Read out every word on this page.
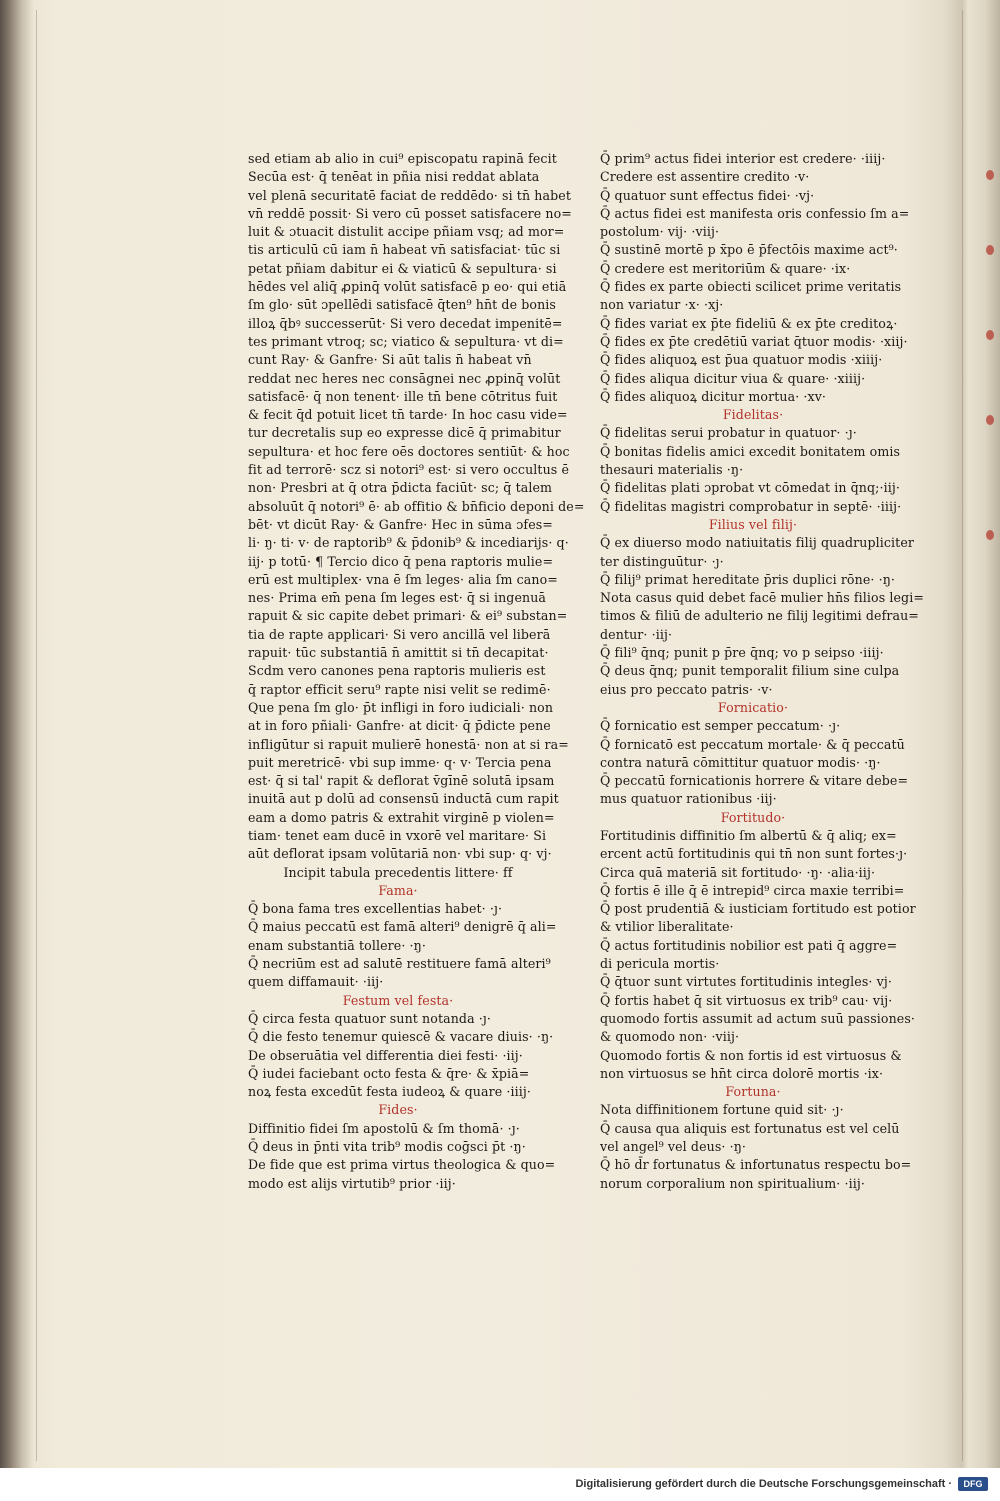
sed etiam ab alio in cui⁹ episcopatu rapinā fecit
Secūa est· q̄ tenēat in pñia nisi reddat ablata
vel plenā securitatē faciat de reddēdo· si tn̄ habet
vn̄ reddē possit· Si vero cū posset satisfacere no=
luit & ɔtuacit distulit accipe pñiam vsq; ad mor=
tis articulū cū iam n̄ habeat vn̄ satisfaciat· tūc si
petat pñiam dabitur ei & viaticū & sepultura· si
hēdes vel aliq̄ ꝓpinq̄ volūt satisfacē p eo· qui etiā
ſm glo· sūt ɔpellēdi satisfacē q̄ten⁹ hn̄t de bonis
illoꝝ q̄bꝰ successerūt· Si vero decedat impenitē=
tes primant vtroq; sc; viatico & sepultura· vt di=
cunt Ray· & Ganfre· Si aūt talis n̄ habeat vn̄
reddat nec heres nec consāgnei nec ꝓpinq̄ volūt
satisfacē· q̄ non tenent· ille tn̄ bene cōtritus fuit
& fecit q̄d potuit licet tn̄ tarde· In hoc casu vide=
tur decretalis sup eo expresse dicē q̄ primabitur
sepultura· et hoc fere oēs doctores sentiūt· & hoc
fit ad terrorē· scz si notori⁹ est· si vero occultus ē
non· Presbri at q̄ otra p̄dicta faciūt· sc; q̄ talem
absoluūt q̄ notori⁹ ē· ab offitio & bn̄ficio deponi de=
bēt· vt dicūt Ray· & Ganfre· Hec in sūma ɔfes=
li· ŋ· ti· v· de raptorib⁹ & p̄donib⁹ & incediarijs· q·
iij· p totū· ¶ Tercio dico q̄ pena raptoris mulie=
erū est multiplex· vna ē ſm leges· alia ſm cano=
nes· Prima em̄ pena ſm leges est· q̄ si ingenuā
rapuit & sic capite debet primari· & ei⁹ substan=
tia de rapte applicari· Si vero ancillā vel liberā
rapuit· tūc substantiā n̄ amittit si tn̄ decapitat·
Scdm vero canones pena raptoris mulieris est
q̄ raptor efficit seru⁹ rapte nisi velit se redimē·
Que pena ſm glo· p̄t infligi in foro iudiciali· non
at in foro pñiali· Ganfre· at dicit· q̄ p̄dicte pene
infligūtur si rapuit mulierē honestā· non at si ra=
puit meretricē· vbi sup imme· q· v· Tercia pena
est· q̄ si tal' rapit & deflorat v̄gīnē solutā ipsam
inuitā aut p dolū ad consensū inductā cum rapit
eam a domo patris & extrahit virginē p violen=
tiam· tenet eam ducē in vxorē vel maritare· Si
aūt deflorat ipsam volūtariā non· vbi sup· q· vj·
Incipit tabula precedentis littere· ff
Fama·
Q̄ bona fama tres excellentias habet· ·ȷ·
Q̄ maius peccatū est famā alteri⁹ denigrē q̄ ali=
enam substantiā tollere· ·ŋ·
Q̄ necriūm est ad salutē restituere famā alteri⁹
quem diffamauit· ·iij·
Festum vel festa·
Q̄ circa festa quatuor sunt notanda ·ȷ·
Q̄ die festo tenemur quiescē & vacare diuis· ·ŋ·
De obseruātia vel differentia diei festi· ·iij·
Q̄ iudei faciebant octo festa & q̄re· & x̄piā=
noꝝ festa excedūt festa iudeoꝝ & quare ·iiij·
Fides·
Diffinitio fidei ſm apostolū & ſm thomā· ·ȷ·
Q̄ deus in p̄nti vita trib⁹ modis coḡsci p̄t ·ŋ·
De fide que est prima virtus theologica & quo=
modo est alijs virtutib⁹ prior ·iij·
Q̄ prim⁹ actus fidei interior est credere· ·iiij·
Credere est assentire credito ·v·
Q̄ quatuor sunt effectus fidei· ·vj·
Q̄ actus fidei est manifesta oris confessio ſm a=
postolum· vij· ·viij·
Q̄ sustinē mortē p x̄po ē p̄fectōis maxime act⁹·
Q̄ credere est meritoriūm & quare· ·ix·
Q̄ fides ex parte obiecti scilicet prime veritatis
non variatur ·x· ·xj·
Q̄ fides variat ex p̄te fideliū & ex p̄te creditoꝝ·
Q̄ fides ex p̄te credētiū variat q̄tuor modis· ·xiij·
Q̄ fides aliquoꝝ est p̄ua quatuor modis ·xiiij·
Q̄ fides aliqua dicitur viua & quare· ·xiiij·
Q̄ fides aliquoꝝ dicitur mortua· ·xv·
Fidelitas·
Q̄ fidelitas serui probatur in quatuor· ·ȷ·
Q̄ bonitas fidelis amici excedit bonitatem omis
thesauri materialis ·ŋ·
Q̄ fidelitas plati ɔprobat vt cōmedat in q̄nq;·iij·
Q̄ fidelitas magistri comprobatur in septē· ·iiij·
Filius vel filij·
Q̄ ex diuerso modo natiuitatis filij quadrupliciter
ter distinguūtur· ·ȷ·
Q̄ filij⁹ primat hereditate p̄ris duplici rōne· ·ŋ·
Nota casus quid debet facē mulier hn̄s filios legi=
timos & filiū de adulterio ne filij legitimi defrau=
dentur· ·iij·
Q̄ fili⁹ q̄nq; punit p p̄re q̄nq; vo p seipso ·iiij·
Q̄ deus q̄nq; punit temporalit filium sine culpa
eius pro peccato patris· ·v·
Fornicatio·
Q̄ fornicatio est semper peccatum· ·ȷ·
Q̄ fornicatō est peccatum mortale· & q̄ peccatū
contra naturā cōmittitur quatuor modis· ·ŋ·
Q̄ peccatū fornicationis horrere & vitare debe=
mus quatuor rationibus ·iij·
Fortitudo·
Fortitudinis diffinitio ſm albertū & q̄ aliq; ex=
ercent actū fortitudinis qui tn̄ non sunt fortes·ȷ·
Circa quā materiā sit fortitudo· ·ŋ· ·alia·iij·
Q̄ fortis ē ille q̄ ē intrepid⁹ circa maxie terribi=
Q̄ post prudentiā & iusticiam fortitudo est potior
& vtilior liberalitate·
Q̄ actus fortitudinis nobilior est pati q̄ aggre=
di pericula mortis·
Q̄ q̄tuor sunt virtutes fortitudinis integles· vj·
Q̄ fortis habet q̄ sit virtuosus ex trib⁹ cau· vij·
quomodo fortis assumit ad actum suū passiones·
& quomodo non· ·viij·
Quomodo fortis & non fortis id est virtuosus &
non virtuosus se hn̄t circa dolorē mortis ·ix·
Fortuna·
Nota diffinitionem fortune quid sit· ·ȷ·
Q̄ causa qua aliquis est fortunatus est vel celū
vel angel⁹ vel deus· ·ŋ·
Q̄ hō d̄r fortunatus & infortunatus respectu bo=
norum corporalium non spiritualium· ·iij·
Digitalisierung gefördert durch die Deutsche Forschungsgemeinschaft ·	DFG
